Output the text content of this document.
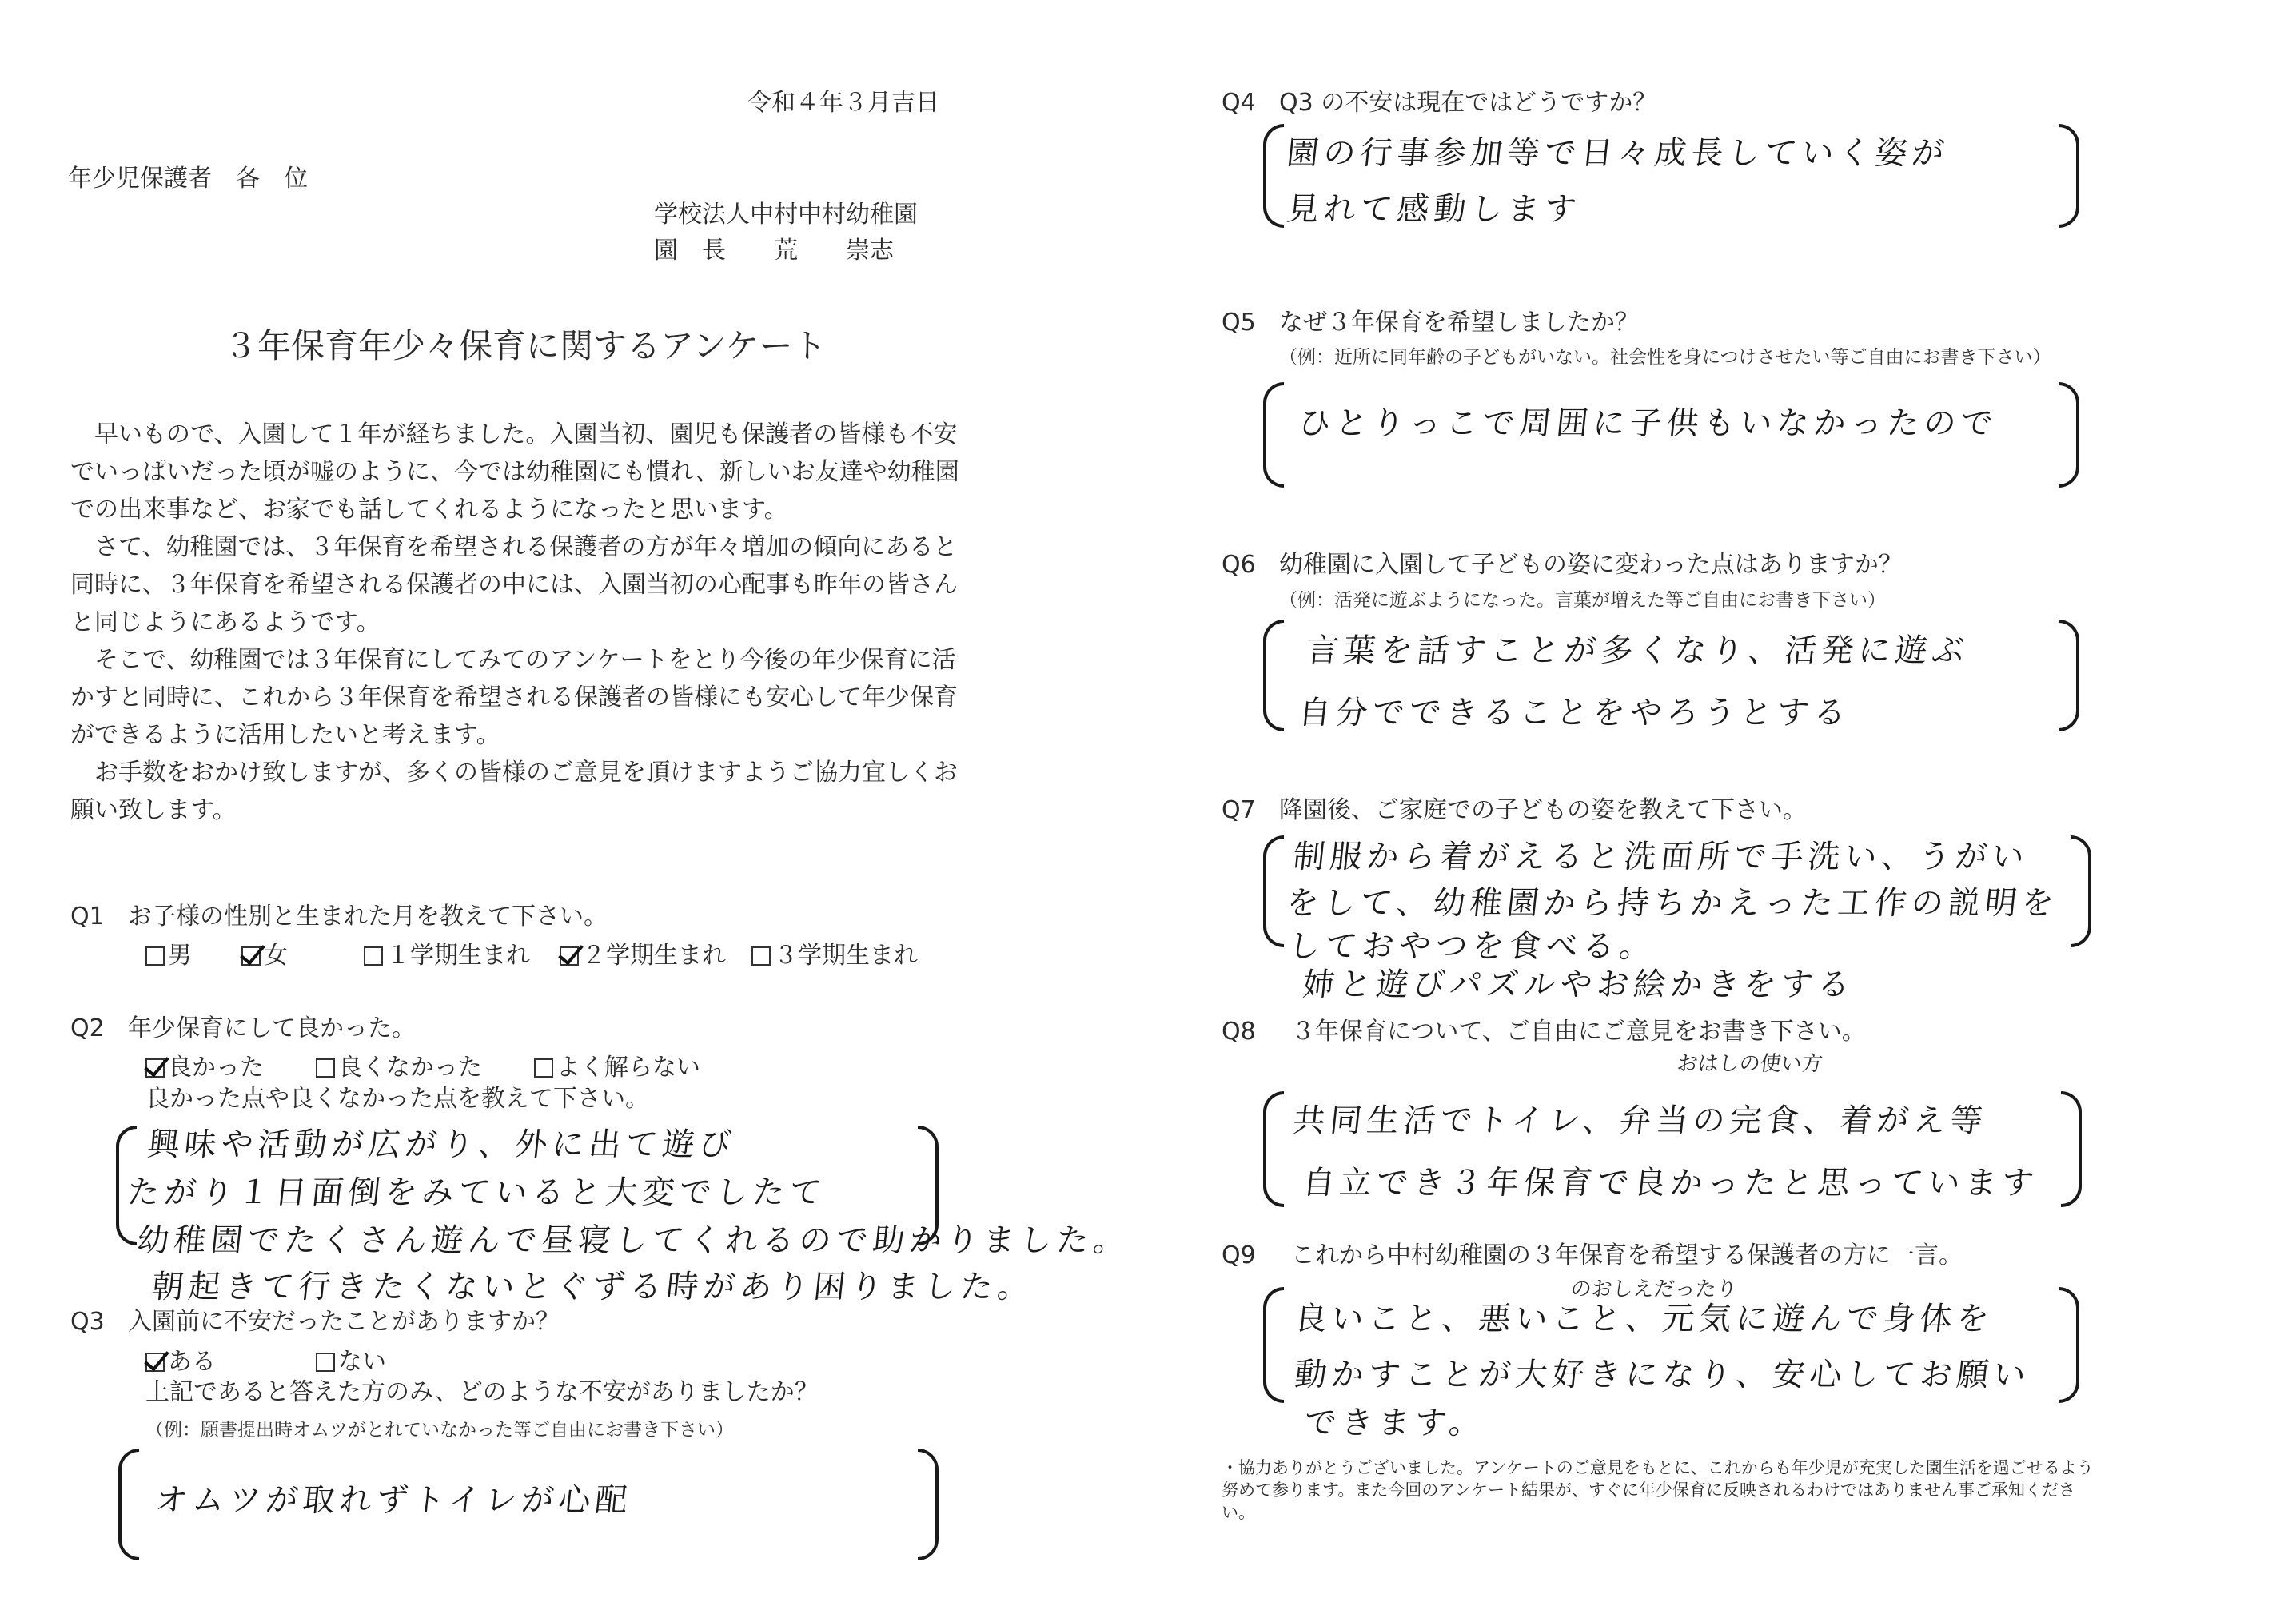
令和４年３月吉日
年少児保護者　各　位
学校法人中村中村幼稚園
園　長　　荒　　崇志
３年保育年少々保育に関するアンケート

早いもので、入園して１年が経ちました。入園当初、園児も保護者の皆様も不安でいっぱいだった頃が嘘のように、今では幼稚園にも慣れ、新しいお友達や幼稚園での出来事など、お家でも話してくれるようになったと思います。

さて、幼稚園では、３年保育を希望される保護者の方が年々増加の傾向にあると同時に、３年保育を希望される保護者の中には、入園当初の心配事も昨年の皆さんと同じようにあるようです。

そこで、幼稚園では３年保育にしてみてのアンケートをとり今後の年少保育に活かすと同時に、これから３年保育を希望される保護者の皆様にも安心して年少保育ができるように活用したいと考えます。

お手数をおかけ致しますが、多くの皆様のご意見を頂けますようご協力宜しくお願い致します。

Q1 お子様の性別と生まれた月を教えて下さい。
男	女	１学期生まれ	２学期生まれ	３学期生まれ
Q2 年少保育にして良かった。
良かった	良くなかった	よく解らない
良かった点や良くなかった点を教えて下さい。
興味や活動が広がり、外に出て遊び
たがり１日面倒をみていると大変でしたて
幼稚園でたくさん遊んで昼寝してくれるので助かりました。
朝起きて行きたくないとぐずる時があり困りました。
Q3 入園前に不安だったことがありますか？
ある	ない
上記であると答えた方のみ、どのような不安がありましたか？
（例：願書提出時オムツがとれていなかった等ご自由にお書き下さい）
オムツが取れずトイレが心配
Q4 Q3 の不安は現在ではどうですか？
園の行事参加等で日々成長していく姿が
見れて感動します
Q5 なぜ３年保育を希望しましたか？
（例：近所に同年齢の子どもがいない。社会性を身につけさせたい等ご自由にお書き下さい）
ひとりっこで周囲に子供もいなかったので
Q6 幼稚園に入園して子どもの姿に変わった点はありますか？
（例：活発に遊ぶようになった。言葉が増えた等ご自由にお書き下さい）
言葉を話すことが多くなり、活発に遊ぶ
自分でできることをやろうとする
Q7 降園後、ご家庭での子どもの姿を教えて下さい。
制服から着がえると洗面所で手洗い、うがい
をして、幼稚園から持ちかえった工作の説明を
しておやつを食べる。
姉と遊びパズルやお絵かきをする
Q8 ３年保育について、ご自由にご意見をお書き下さい。
おはしの使い方
共同生活でトイレ、弁当の完食、着がえ等
自立でき３年保育で良かったと思っています
Q9 これから中村幼稚園の３年保育を希望する保護者の方に一言。
のおしえだったり
良いこと、悪いこと、元気に遊んで身体を
動かすことが大好きになり、安心してお願い
できます。
・協力ありがとうございました。アンケートのご意見をもとに、これからも年少児が充実した園生活を過ごせるよう努めて参ります。また今回のアンケート結果が、すぐに年少保育に反映されるわけではありません事ご承知ください。
